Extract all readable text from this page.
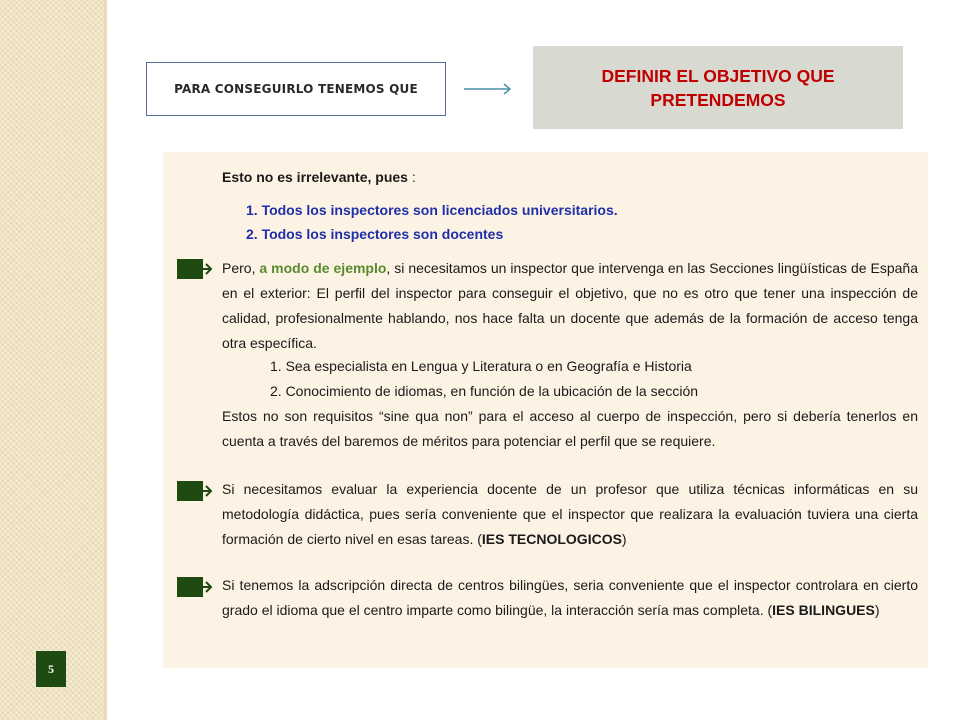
5
PARA CONSEGUIRLO TENEMOS QUE
DEFINIR EL OBJETIVO QUE PRETENDEMOS
Esto no es irrelevante, pues :
1. Todos los inspectores son licenciados universitarios.
2. Todos los inspectores son docentes
Pero, a modo de ejemplo, si necesitamos un inspector que intervenga en las Secciones lingüísticas de España en el exterior: El perfil del inspector para conseguir el objetivo, que no es otro que tener una inspección de calidad, profesionalmente hablando, nos hace falta un docente que además de la formación de acceso tenga otra específica.
1. Sea especialista en Lengua y Literatura o en Geografía e Historia
2. Conocimiento de idiomas, en función de la ubicación de la sección
Estos no son requisitos “sine qua non” para el acceso al cuerpo de inspección, pero si debería tenerlos en cuenta a través del baremos de méritos para potenciar el perfil que se requiere.
Si necesitamos evaluar la experiencia docente de un profesor que utiliza técnicas informáticas en su metodología didáctica, pues sería conveniente que el inspector que realizara la evaluación tuviera una cierta formación de cierto nivel en esas tareas. (IES TECNOLOGICOS)
Si tenemos la adscripción directa de centros bilingües, seria conveniente que el inspector controlara en cierto grado el idioma que el centro imparte como bilingüe, la interacción sería mas completa. (IES BILINGUES)
